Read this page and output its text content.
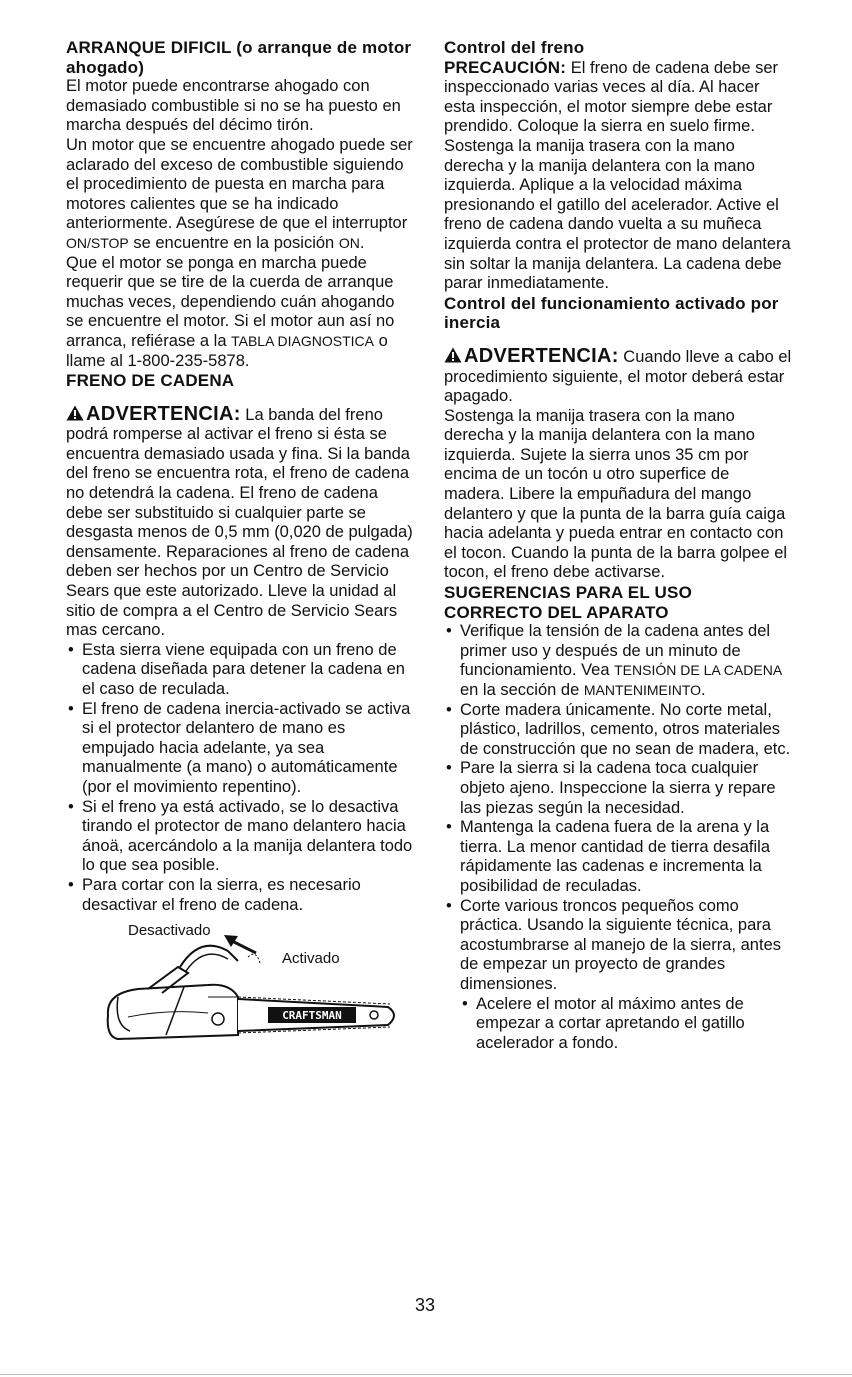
ARRANQUE DIFICIL (o arranque de motor ahogado)

El motor puede encontrarse ahogado con demasiado combustible si no se ha puesto en marcha después del décimo tirón.

Un motor que se encuentre ahogado puede ser aclarado del exceso de combustible siguiendo el procedimiento de puesta en marcha para motores calientes que se ha indicado anteriormente. Asegúrese de que el interruptor ON/STOP se encuentre en la posición ON.

Que el motor se ponga en marcha puede requerir que se tire de la cuerda de arranque muchas veces, dependiendo cuán ahogando se encuentre el motor. Si el motor aun así no arranca, refiérase a la TABLA DIAGNOSTICA o llame al 1-800-235-5878.

FRENO DE CADENA

ADVERTENCIA: La banda del freno podrá romperse al activar el freno si ésta se encuentra demasiado usada y fina. Si la banda del freno se encuentra rota, el freno de cadena no detendrá la cadena. El freno de cadena debe ser substituido si cualquier parte se desgasta menos de 0,5 mm (0,020 de pulgada) densamente. Reparaciones al freno de cadena deben ser hechos por un Centro de Servicio Sears que este autorizado. Lleve la unidad al sitio de compra a el Centro de Servicio Sears mas cercano.

• Esta sierra viene equipada con un freno de cadena diseñada para detener la cadena en el caso de reculada.
• El freno de cadena inercia-activado se activa si el protector delantero de mano es empujado hacia adelante, ya sea manualmente (a mano) o automáticamente (por el movimiento repentino).
• Si el freno ya está activado, se lo desactiva tirando el protector de mano delantero hacia ánoä, acercándolo a la manija delantera todo lo que sea posible.
• Para cortar con la sierra, es necesario desactivar el freno de cadena.
Desactivado
Activado
CRAFTSMAN

Control del freno

PRECAUCIÓN: El freno de cadena debe ser inspeccionado varias veces al día. Al hacer esta inspección, el motor siempre debe estar prendido. Coloque la sierra en suelo firme. Sostenga la manija trasera con la mano derecha y la manija delantera con la mano izquierda. Aplique a la velocidad máxima presionando el gatillo del acelerador. Active el freno de cadena dando vuelta a su muñeca izquierda contra el protector de mano delantera sin soltar la manija delantera. La cadena debe parar inmediatamente.

Control del funcionamiento activado por inercia

ADVERTENCIA: Cuando lleve a cabo el procedimiento siguiente, el motor deberá estar apagado.

Sostenga la manija trasera con la mano derecha y la manija delantera con la mano izquierda. Sujete la sierra unos 35 cm por encima de un tocón u otro superfice de madera. Libere la empuñadura del mango delantero y que la punta de la barra guía caiga hacia adelanta y pueda entrar en contacto con el tocon. Cuando la punta de la barra golpee el tocon, el freno debe activarse.

SUGERENCIAS PARA EL USO CORRECTO DEL APARATO

• Verifique la tensión de la cadena antes del primer uso y después de un minuto de funcionamiento. Vea TENSIÓN DE LA CADENA en la sección de MANTENIMEINTO.
• Corte madera únicamente. No corte metal, plástico, ladrillos, cemento, otros materiales de construcción que no sean de madera, etc.
• Pare la sierra si la cadena toca cualquier objeto ajeno. Inspeccione la sierra y repare las piezas según la necesidad.
• Mantenga la cadena fuera de la arena y la tierra. La menor cantidad de tierra desafila rápidamente las cadenas e incrementa la posibilidad de reculadas.
• Corte various troncos pequeños como práctica. Usando la siguiente técnica, para acostumbrarse al manejo de la sierra, antes de empezar un proyecto de grandes dimensiones.
• Acelere el motor al máximo antes de empezar a cortar apretando el gatillo acelerador a fondo.
33
